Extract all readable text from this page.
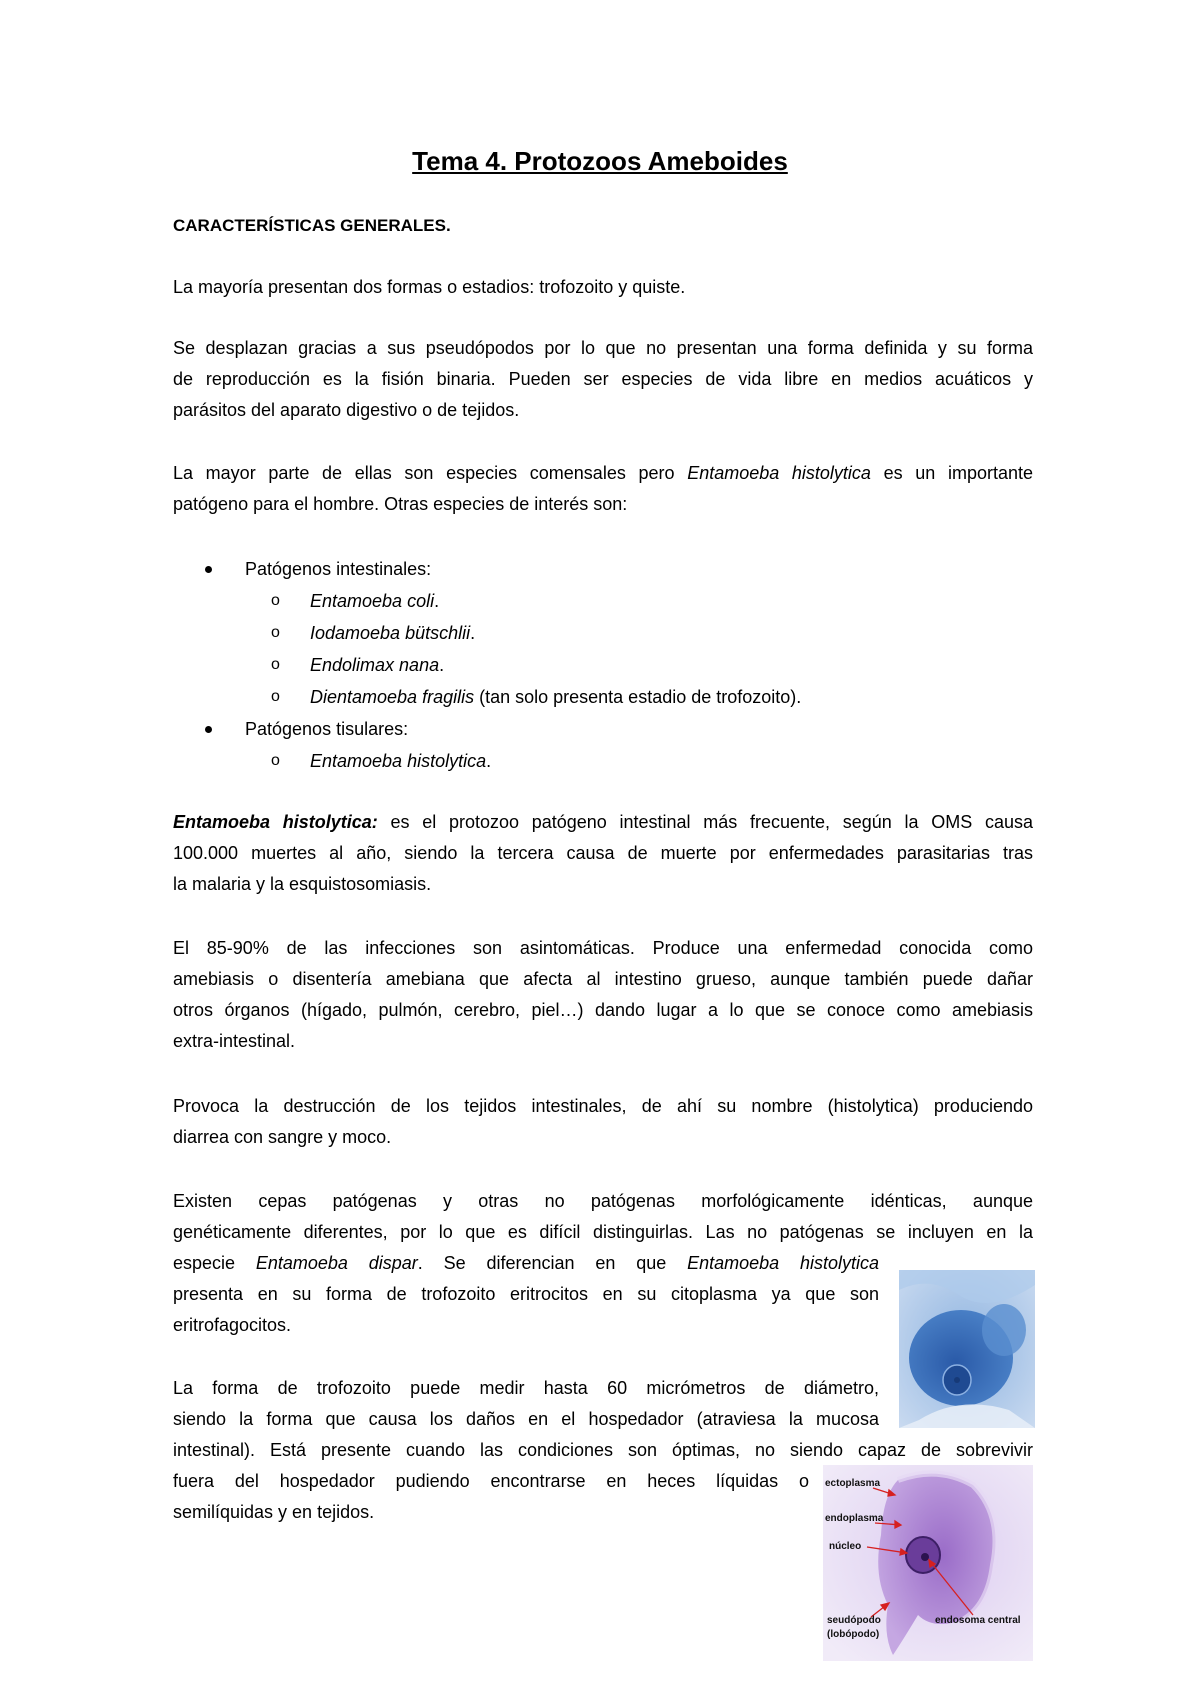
Tema 4. Protozoos Ameboides

CARACTERÍSTICAS GENERALES.

La mayoría presentan dos formas o estadios: trofozoito y quiste.

Se desplazan gracias a sus pseudópodos por lo que no presentan una forma definida y su forma
de reproducción es la fisión binaria. Pueden ser especies de vida libre en medios acuáticos y
parásitos del aparato digestivo o de tejidos.

La mayor parte de ellas son especies comensales pero Entamoeba histolytica es un importante
patógeno para el hombre. Otras especies de interés son:

Patógenos intestinales:
o Entamoeba coli.
o Iodamoeba bütschlii.
o Endolimax nana.
o Dientamoeba fragilis (tan solo presenta estadio de trofozoito).
Patógenos tisulares:
o Entamoeba histolytica.

Entamoeba histolytica: es el protozoo patógeno intestinal más frecuente, según la OMS causa
100.000 muertes al año, siendo la tercera causa de muerte por enfermedades parasitarias tras
la malaria y la esquistosomiasis.

El 85-90% de las infecciones son asintomáticas. Produce una enfermedad conocida como
amebiasis o disentería amebiana que afecta al intestino grueso, aunque también puede dañar
otros órganos (hígado, pulmón, cerebro, piel…) dando lugar a lo que se conoce como amebiasis
extra-intestinal.

Provoca la destrucción de los tejidos intestinales, de ahí su nombre (histolytica) produciendo
diarrea con sangre y moco.

Existen cepas patógenas y otras no patógenas morfológicamente idénticas, aunque
genéticamente diferentes, por lo que es difícil distinguirlas. Las no patógenas se incluyen en la
especie Entamoeba dispar. Se diferencian en que Entamoeba histolytica
presenta en su forma de trofozoito eritrocitos en su citoplasma ya que son
eritrofagocitos.

La forma de trofozoito puede medir hasta 60 micrómetros de diámetro,
siendo la forma que causa los daños en el hospedador (atraviesa la mucosa
intestinal). Está presente cuando las condiciones son óptimas, no siendo capaz de sobrevivir
fuera del hospedador pudiendo encontrarse en heces líquidas o
semilíquidas y en tejidos.

ectoplasma
endoplasma
núcleo
seudópodo
(lobópodo)
endosoma central
